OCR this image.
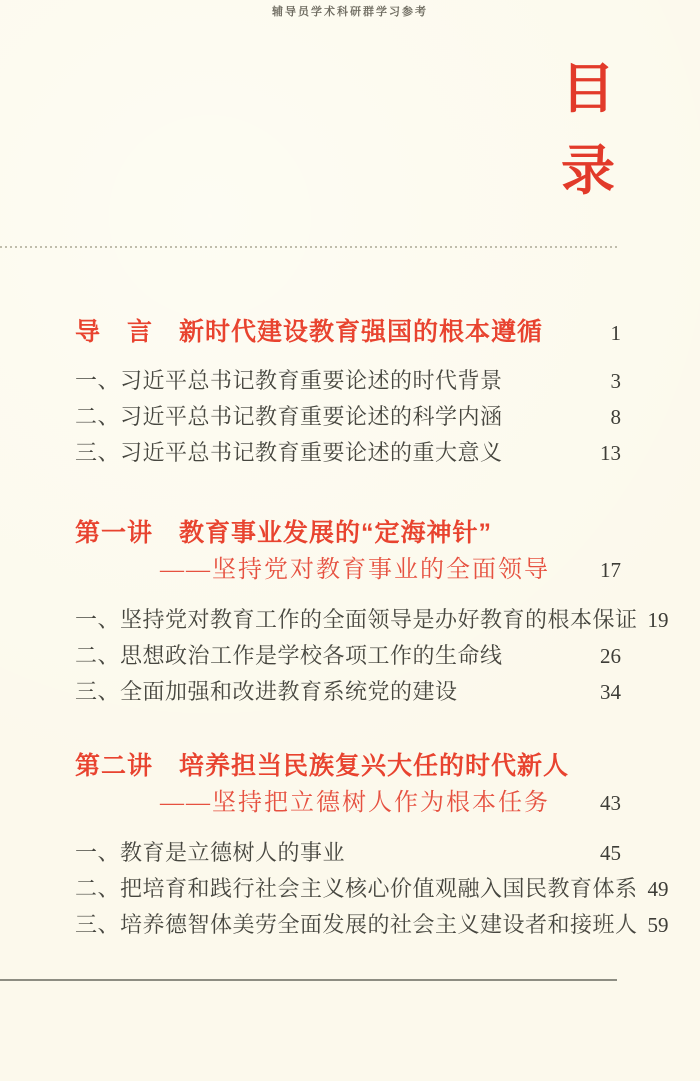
辅导员学术科研群学习参考
目
录
导　言　新时代建设教育强国的根本遵循	1
一、习近平总书记教育重要论述的时代背景	3
二、习近平总书记教育重要论述的科学内涵	8
三、习近平总书记教育重要论述的重大意义	13
第一讲　教育事业发展的“定海神针”
——坚持党对教育事业的全面领导	17
一、坚持党对教育工作的全面领导是办好教育的根本保证 19
二、思想政治工作是学校各项工作的生命线	26
三、全面加强和改进教育系统党的建设	34
第二讲　培养担当民族复兴大任的时代新人
——坚持把立德树人作为根本任务	43
一、教育是立德树人的事业	45
二、把培育和践行社会主义核心价值观融入国民教育体系 49
三、培养德智体美劳全面发展的社会主义建设者和接班人 59
